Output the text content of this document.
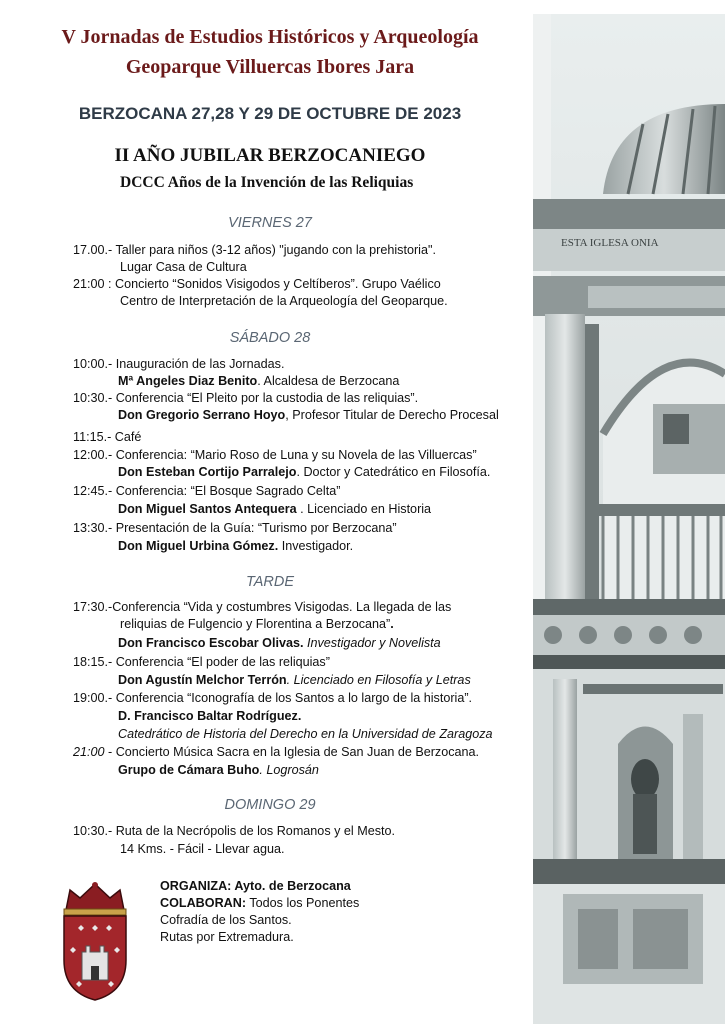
ESTA IGLESA ONIA
V Jornadas de Estudios Históricos y Arqueología
Geoparque Villuercas Ibores Jara
BERZOCANA 27,28 Y 29 DE OCTUBRE DE 2023
II AÑO JUBILAR BERZOCANIEGO
DCCC Años de la Invención de las Reliquias
VIERNES 27
17.00.- Taller para niños (3-12 años) "jugando con la prehistoria".
Lugar Casa de Cultura
21:00 : Concierto “Sonidos Visigodos y Celtíberos”. Grupo Vaélico
Centro de Interpretación de la Arqueología del Geoparque.
SÁBADO 28
10:00.- Inauguración de las Jornadas.
Mª Angeles Diaz Benito. Alcaldesa de Berzocana
10:30.- Conferencia “El Pleito por la custodia de las reliquias”.
Don Gregorio Serrano Hoyo, Profesor Titular de Derecho Procesal
11:15.- Café
12:00.- Conferencia: “Mario Roso de Luna y su Novela de las Villuercas”
Don Esteban Cortijo Parralejo. Doctor y Catedrático en Filosofía.
12:45.- Conferencia: “El Bosque Sagrado Celta”
Don Miguel Santos Antequera . Licenciado en Historia
13:30.- Presentación de la Guía: “Turismo por Berzocana”
Don Miguel Urbina Gómez. Investigador.
TARDE
17:30.-Conferencia “Vida y costumbres Visigodas. La llegada de las
reliquias de Fulgencio y Florentina a Berzocana”.
Don Francisco Escobar Olivas. Investigador y Novelista
18:15.- Conferencia “El poder de las reliquias”
Don Agustín Melchor Terrón. Licenciado en Filosofía y Letras
19:00.- Conferencia “Iconografía de los Santos a lo largo de la historia”.
D. Francisco Baltar Rodríguez.
Catedrático de Historia del Derecho en la Universidad de Zaragoza
21:00 - Concierto Música Sacra en la Iglesia de San Juan de Berzocana.
Grupo de Cámara Buho. Logrosán
DOMINGO 29
10:30.- Ruta de la Necrópolis de los Romanos y el Mesto.
14 Kms. - Fácil - Llevar agua.
ORGANIZA: Ayto. de Berzocana
COLABORAN: Todos los Ponentes
Cofradía de los Santos.
Rutas por Extremadura.
